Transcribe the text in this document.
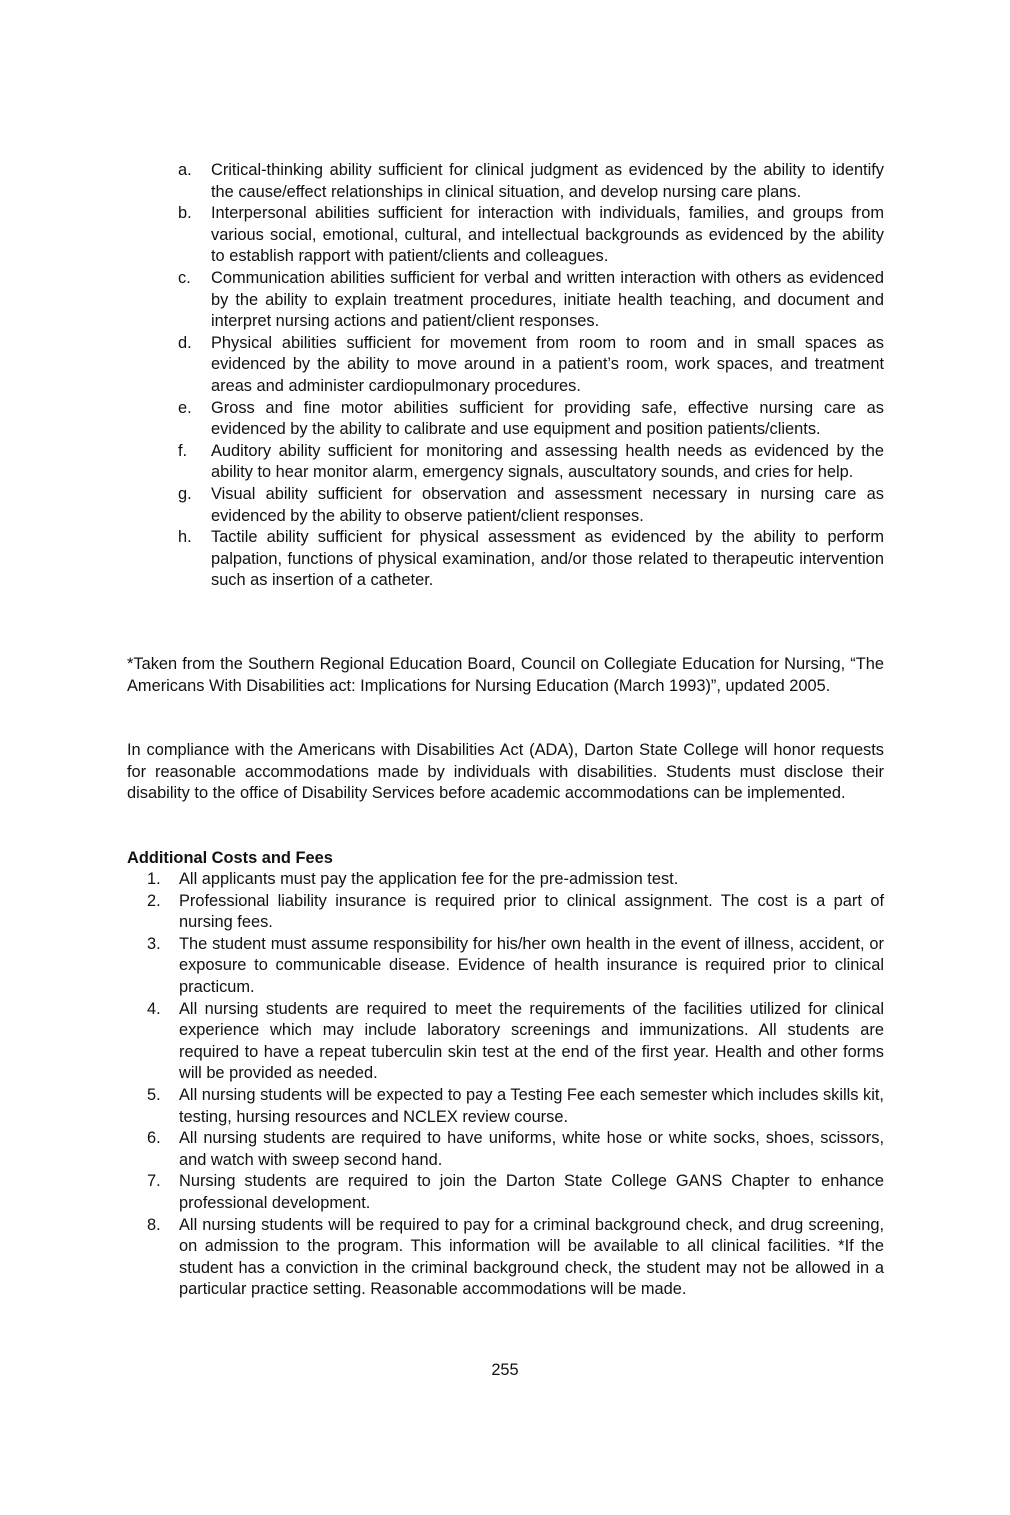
a. Critical-thinking ability sufficient for clinical judgment as evidenced by the ability to identify the cause/effect relationships in clinical situation, and develop nursing care plans.
b. Interpersonal abilities sufficient for interaction with individuals, families, and groups from various social, emotional, cultural, and intellectual backgrounds as evidenced by the ability to establish rapport with patient/clients and colleagues.
c. Communication abilities sufficient for verbal and written interaction with others as evidenced by the ability to explain treatment procedures, initiate health teaching, and document and interpret nursing actions and patient/client responses.
d. Physical abilities sufficient for movement from room to room and in small spaces as evidenced by the ability to move around in a patient’s room, work spaces, and treatment areas and administer cardiopulmonary procedures.
e. Gross and fine motor abilities sufficient for providing safe, effective nursing care as evidenced by the ability to calibrate and use equipment and position patients/clients.
f. Auditory ability sufficient for monitoring and assessing health needs as evidenced by the ability to hear monitor alarm, emergency signals, auscultatory sounds, and cries for help.
g. Visual ability sufficient for observation and assessment necessary in nursing care as evidenced by the ability to observe patient/client responses.
h. Tactile ability sufficient for physical assessment as evidenced by the ability to perform palpation, functions of physical examination, and/or those related to therapeutic intervention such as insertion of a catheter.

*Taken from the Southern Regional Education Board, Council on Collegiate Education for Nursing, “The Americans With Disabilities act: Implications for Nursing Education (March 1993)”, updated 2005.

In compliance with the Americans with Disabilities Act (ADA), Darton State College will honor requests for reasonable accommodations made by individuals with disabilities. Students must disclose their disability to the office of Disability Services before academic accommodations can be implemented.

Additional Costs and Fees
1. All applicants must pay the application fee for the pre-admission test.
2. Professional liability insurance is required prior to clinical assignment. The cost is a part of nursing fees.
3. The student must assume responsibility for his/her own health in the event of illness, accident, or exposure to communicable disease. Evidence of health insurance is required prior to clinical practicum.
4. All nursing students are required to meet the requirements of the facilities utilized for clinical experience which may include laboratory screenings and immunizations. All students are required to have a repeat tuberculin skin test at the end of the first year. Health and other forms will be provided as needed.
5. All nursing students will be expected to pay a Testing Fee each semester which includes skills kit, testing, hursing resources and NCLEX review course.
6. All nursing students are required to have uniforms, white hose or white socks, shoes, scissors, and watch with sweep second hand.
7. Nursing students are required to join the Darton State College GANS Chapter to enhance professional development.
8. All nursing students will be required to pay for a criminal background check, and drug screening, on admission to the program. This information will be available to all clinical facilities. *If the student has a conviction in the criminal background check, the student may not be allowed in a particular practice setting. Reasonable accommodations will be made.
255
